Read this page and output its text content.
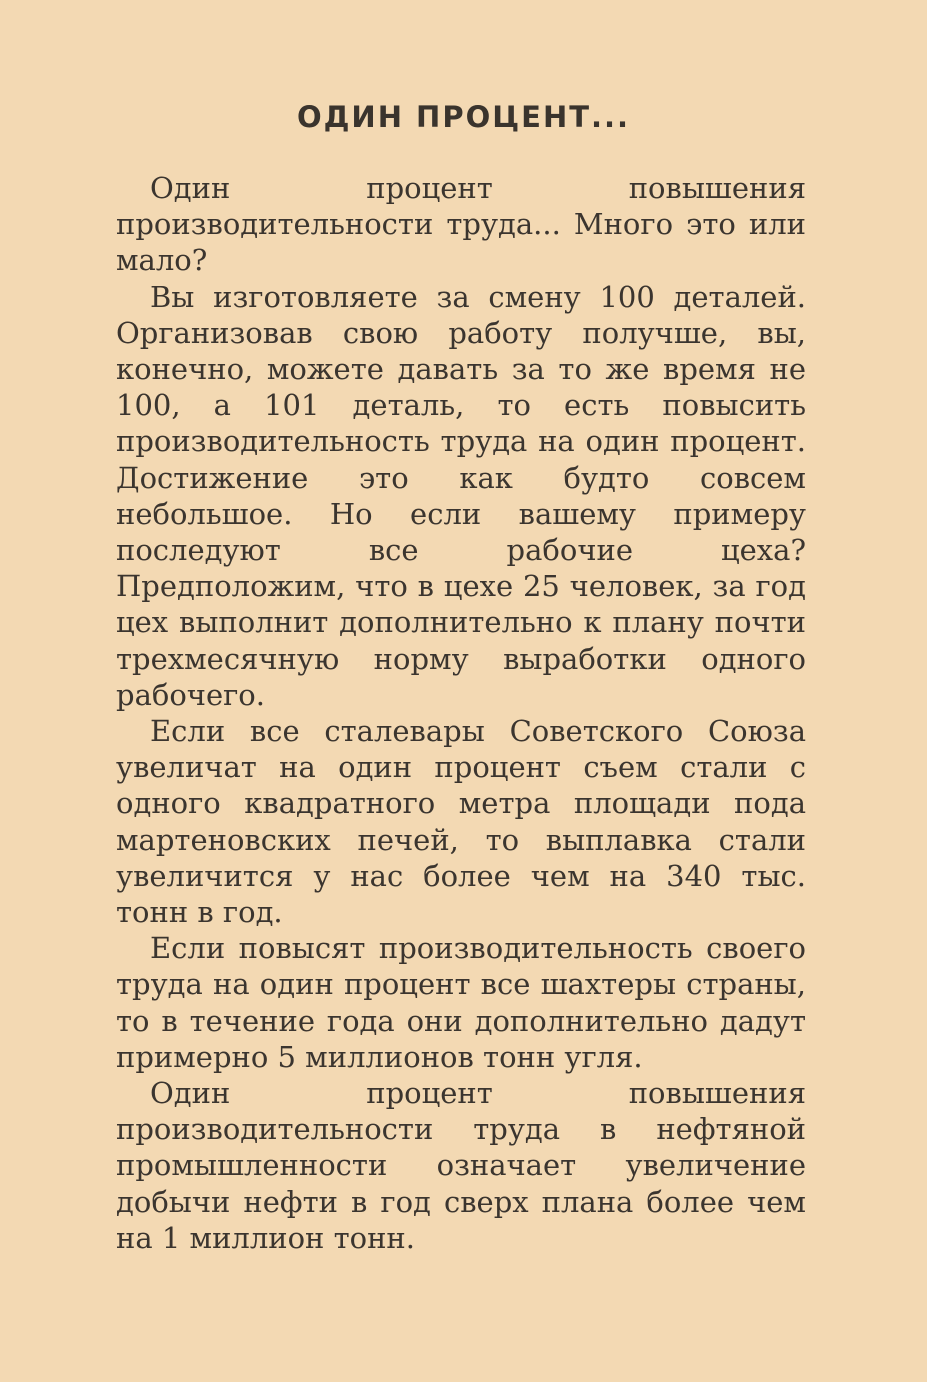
ОДИН ПРОЦЕНТ...

Один процент повышения производительности труда... Много это или мало?

Вы изготовляете за смену 100 деталей. Организовав свою работу получше, вы, конечно, можете давать за то же время не 100, а 101 деталь, то есть повысить производительность труда на один процент. Достижение это как будто совсем небольшое. Но если вашему примеру последуют все рабочие цеха? Предположим, что в цехе 25 человек, за год цех выполнит дополнительно к плану почти трехмесячную норму выработки одного рабочего.

Если все сталевары Советского Союза увеличат на один процент съем стали с одного квадратного метра площади пода мартеновских печей, то выплавка стали увеличится у нас более чем на 340 тыс. тонн в год.

Если повысят производительность своего труда на один процент все шахтеры страны, то в течение года они дополнительно дадут примерно 5 миллионов тонн угля.

Один процент повышения производительности труда в нефтяной промышленности означает увеличение добычи нефти в год сверх плана более чем на 1 миллион тонн.
